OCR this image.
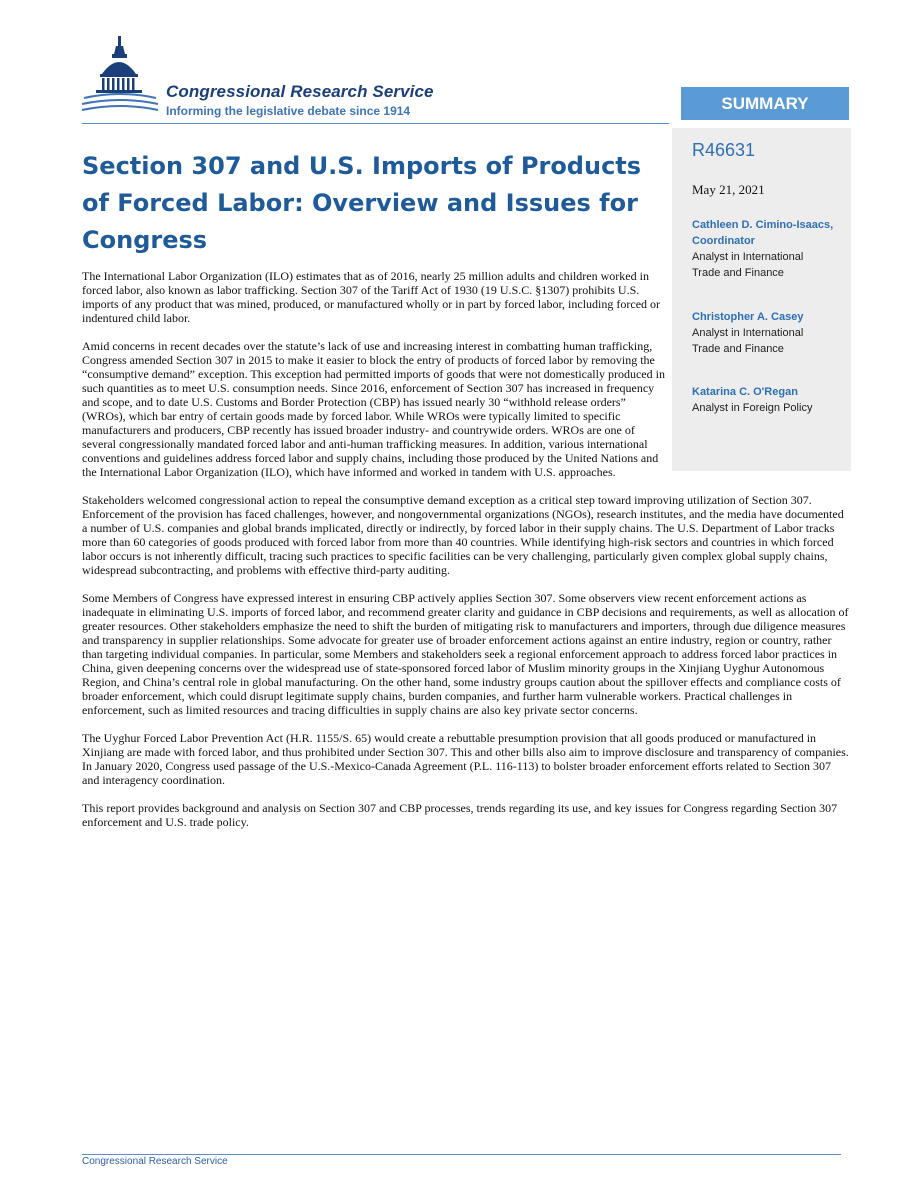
Congressional Research Service
Informing the legislative debate since 1914	SUMMARY
R46631
May 21, 2021
Cathleen D. Cimino-Isaacs,
Coordinator
Analyst in International
Trade and Finance
Christopher A. Casey
Analyst in International
Trade and Finance
Katarina C. O'Regan
Analyst in Foreign Policy
Section 307 and U.S. Imports of Products of Forced Labor: Overview and Issues for Congress

The International Labor Organization (ILO) estimates that as of 2016, nearly 25 million adults and children worked in forced labor, also known as labor trafficking. Section 307 of the Tariff Act of 1930 (19 U.S.C. §1307) prohibits U.S. imports of any product that was mined, produced, or manufactured wholly or in part by forced labor, including forced or indentured child labor.

Amid concerns in recent decades over the statute’s lack of use and increasing interest in combatting human trafficking, Congress amended Section 307 in 2015 to make it easier to block the entry of products of forced labor by removing the “consumptive demand” exception. This exception had permitted imports of goods that were not domestically produced in such quantities as to meet U.S. consumption needs. Since 2016, enforcement of Section 307 has increased in frequency and scope, and to date U.S. Customs and Border Protection (CBP) has issued nearly 30 “withhold release orders” (WROs), which bar entry of certain goods made by forced labor. While WROs were typically limited to specific manufacturers and producers, CBP recently has issued broader industry- and countrywide orders. WROs are one of several congressionally mandated forced labor and anti-human trafficking measures. In addition, various international conventions and guidelines address forced labor and supply chains, including those produced by the United Nations and the International Labor Organization (ILO), which have informed and worked in tandem with U.S. approaches.

Stakeholders welcomed congressional action to repeal the consumptive demand exception as a critical step toward improving utilization of Section 307. Enforcement of the provision has faced challenges, however, and nongovernmental organizations (NGOs), research institutes, and the media have documented a number of U.S. companies and global brands implicated, directly or indirectly, by forced labor in their supply chains. The U.S. Department of Labor tracks more than 60 categories of goods produced with forced labor from more than 40 countries. While identifying high-risk sectors and countries in which forced labor occurs is not inherently difficult, tracing such practices to specific facilities can be very challenging, particularly given complex global supply chains, widespread subcontracting, and problems with effective third-party auditing.

Some Members of Congress have expressed interest in ensuring CBP actively applies Section 307. Some observers view recent enforcement actions as inadequate in eliminating U.S. imports of forced labor, and recommend greater clarity and guidance in CBP decisions and requirements, as well as allocation of greater resources. Other stakeholders emphasize the need to shift the burden of mitigating risk to manufacturers and importers, through due diligence measures and transparency in supplier relationships. Some advocate for greater use of broader enforcement actions against an entire industry, region or country, rather than targeting individual companies. In particular, some Members and stakeholders seek a regional enforcement approach to address forced labor practices in China, given deepening concerns over the widespread use of state-sponsored forced labor of Muslim minority groups in the Xinjiang Uyghur Autonomous Region, and China’s central role in global manufacturing. On the other hand, some industry groups caution about the spillover effects and compliance costs of broader enforcement, which could disrupt legitimate supply chains, burden companies, and further harm vulnerable workers. Practical challenges in enforcement, such as limited resources and tracing difficulties in supply chains are also key private sector concerns.

The Uyghur Forced Labor Prevention Act (H.R. 1155/S. 65) would create a rebuttable presumption provision that all goods produced or manufactured in Xinjiang are made with forced labor, and thus prohibited under Section 307. This and other bills also aim to improve disclosure and transparency of companies. In January 2020, Congress used passage of the U.S.-Mexico-Canada Agreement (P.L. 116-113) to bolster broader enforcement efforts related to Section 307 and interagency coordination.

This report provides background and analysis on Section 307 and CBP processes, trends regarding its use, and key issues for Congress regarding Section 307 enforcement and U.S. trade policy.

Congressional Research Service
